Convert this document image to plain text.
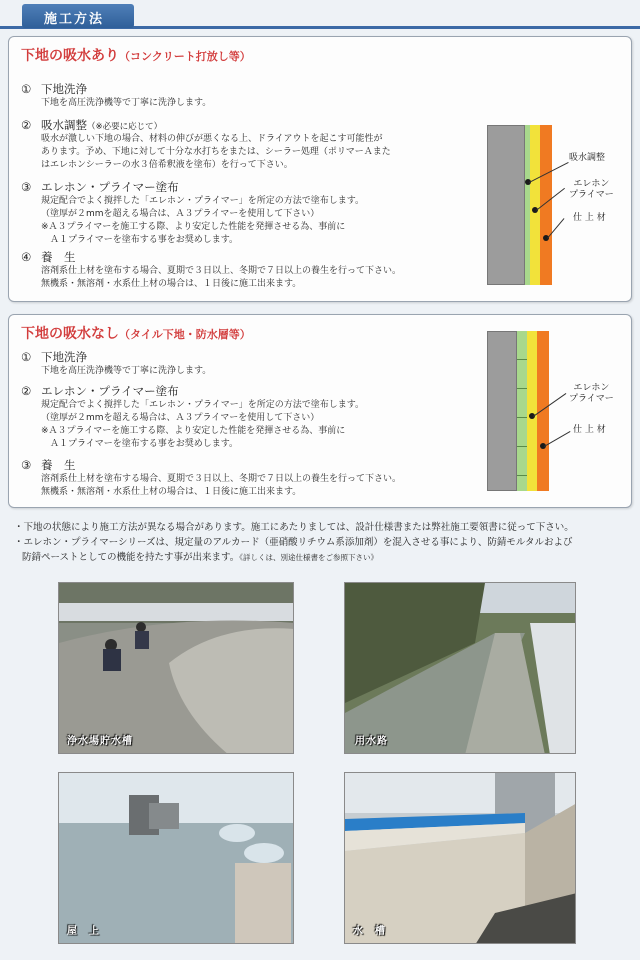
施工方法
下地の吸水あり（コンクリート打放し等）
① 下地洗浄
下地を高圧洗浄機等で丁寧に洗浄します。
② 吸水調整（※必要に応じて）
吸水が激しい下地の場合、材料の伸びが悪くなる上、ドライアウトを起こす可能性が
あります。予め、下地に対して十分な水打ちをまたは、シーラー処理（ポリマーＡまた
はエレホンシーラーの水３倍希釈液を塗布）を行って下さい。
③ エレホン・プライマー塗布
規定配合でよく撹拌した「エレホン・プライマー」を所定の方法で塗布します。
（塗厚が２mmを超える場合は、Ａ３プライマーを使用して下さい）
※Ａ３プライマーを施工する際、より安定した性能を発揮させる為、事前に
　Ａ１プライマーを塗布する事をお奨めします。
④ 養　生
溶剤系仕上材を塗布する場合、夏期で３日以上、冬期で７日以上の養生を行って下さい。
無機系・無溶剤・水系仕上材の場合は、１日後に施工出来ます。
吸水調整
エレホン
プライマー
仕 上 材
下地の吸水なし（タイル下地・防水層等）
① 下地洗浄
下地を高圧洗浄機等で丁寧に洗浄します。
② エレホン・プライマー塗布
規定配合でよく撹拌した「エレホン・プライマー」を所定の方法で塗布します。
（塗厚が２mmを超える場合は、Ａ３プライマーを使用して下さい）
※Ａ３プライマーを施工する際、より安定した性能を発揮させる為、事前に
　Ａ１プライマーを塗布する事をお奨めします。
③ 養　生
溶剤系仕上材を塗布する場合、夏期で３日以上、冬期で７日以上の養生を行って下さい。
無機系・無溶剤・水系仕上材の場合は、１日後に施工出来ます。
エレホン
プライマー
仕 上 材
・下地の状態により施工方法が異なる場合があります。施工にあたりましては、設計仕様書または弊社施工要領書に従って下さい。
・エレホン・プライマーシリーズは、規定量のアルカード（亜硝酸リチウム系添加剤）を混入させる事により、防錆モルタルおよび
防錆ペーストとしての機能を持たす事が出来ます。《詳しくは、別途仕様書をご参照下さい》
浄水場貯水槽	用水路
屋　上	水　槽
